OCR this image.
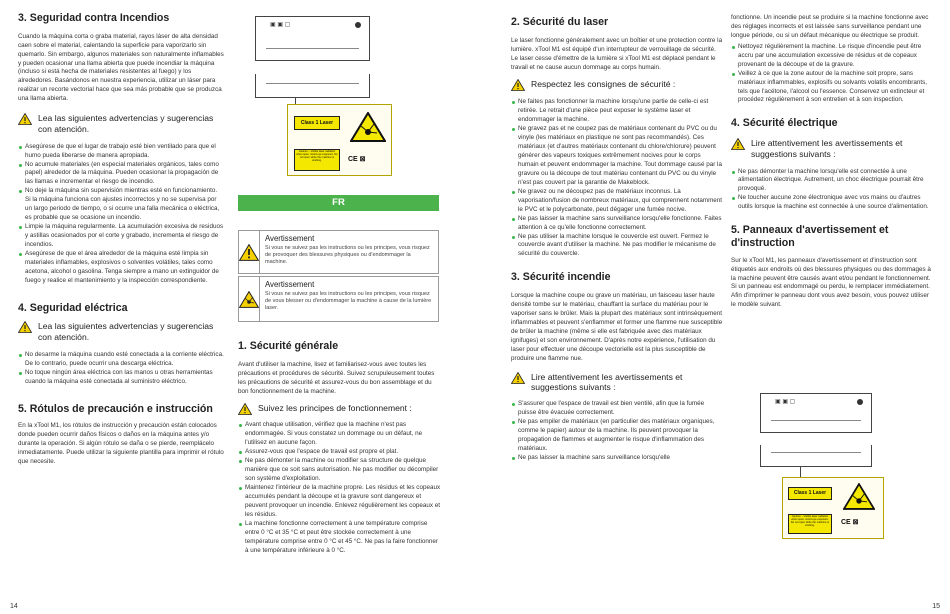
3. Seguridad contra Incendios

Cuando la máquina corta o graba material, rayos láser de alta densidad caen sobre el material, calentando la superficie para vaporizarlo sin quemarlo. Sin embargo, algunos materiales son naturalmente inflamables y pueden ocasionar una llama abierta que puede incendiar la máquina (incluso si está hecha de materiales resistentes al fuego) y los alrededores. Basándonos en nuestra experiencia, utilizar un láser para realizar un recorte vectorial hace que sea más probable que se produzca una llama abierta.

Lea las siguientes advertencias y sugerencias con atención.
Asegúrese de que el lugar de trabajo esté bien ventilado para que el humo pueda liberarse de manera apropiada.
No acumule materiales (en especial materiales orgánicos, tales como papel) alrededor de la máquina. Pueden ocasionar la propagación de las llamas e incrementar el riesgo de incendio.
No deje la máquina sin supervisión mientras esté en funcionamiento. Si la máquina funciona con ajustes incorrectos y no se supervisa por un largo periodo de tiempo, o si ocurre una falla mecánica o eléctrica, es probable que se ocasione un incendio.
Limpie la máquina regularmente. La acumulación excesiva de residuos y astillas ocasionados por el corte y grabado, incrementa el riesgo de incendios.
Asegúrese de que el área alrededor de la máquina esté limpia sin materiales inflamables, explosivos o solventes volátiles, tales como acetona, alcohol o gasolina. Tenga siempre a mano un extinguidor de fuego y realice el mantenimiento y la inspección correspondiente.
4. Seguridad eléctrica
Lea las siguientes advertencias y sugerencias con atención.
No desarme la máquina cuando esté conectada a la corriente eléctrica. De lo contrario, puede ocurrir una descarga eléctrica.
No toque ningún área eléctrica con las manos u otras herramientas cuando la máquina esté conectada al suministro eléctrico.
5. Rótulos de precaución e instrucción

En la xTool M1, los rótulos de instrucción y precaución están colocados donde pueden ocurrir daños físicos o daños en la máquina antes y/o durante la operación. Si algún rótulo se daña o se pierde, reemplácelo inmediatamente. Puede utilizar la siguiente plantilla para imprimir el rótulo que necesite.

▣ ▣ ▢
Class 1 Laser
Caution – Visible laser radiation when open. Avoid eye exposure. Do not open while the machine is working.	CE ⊠
FR
Avertissement
Si vous ne suivez pas les instructions ou les principes, vous risquez de provoquer des blessures physiques ou d'endommager la machine.
Avertissement
Si vous ne suivez pas les instructions ou les principes, vous risquez de vous blesser ou d'endommager la machine à cause de la lumière laser.
1. Sécurité générale

Avant d'utiliser la machine, lisez et familiarisez-vous avec toutes les précautions et procédures de sécurité. Suivez scrupuleusement toutes les précautions de sécurité et assurez-vous du bon assemblage et du bon fonctionnement de la machine.

Suivez les principes de fonctionnement :
Avant chaque utilisation, vérifiez que la machine n'est pas endommagée. Si vous constatez un dommage ou un défaut, ne l'utilisez en aucune façon.
Assurez-vous que l'espace de travail est propre et plat.
Ne pas démonter la machine ou modifier sa structure de quelque manière que ce soit sans autorisation. Ne pas modifier ou décompiler son système d'exploitation.
Maintenez l'intérieur de la machine propre. Les résidus et les copeaux accumulés pendant la découpe et la gravure sont dangereux et peuvent provoquer un incendie. Enlevez régulièrement les copeaux et les résidus.
La machine fonctionne correctement à une température comprise entre 0 °C et 35 °C et peut être stockée correctement à une température comprise entre 0 °C et 45 °C. Ne pas la faire fonctionner à une température inférieure à 0 °C.
2. Sécurité du laser

Le laser fonctionne généralement avec un boîtier et une protection contre la lumière. xTool M1 est équipé d'un interrupteur de verrouillage de sécurité. Le laser cesse d'émettre de la lumière si xTool M1 est déplacé pendant le travail et ne cause aucun dommage au corps humain.

Respectez les consignes de sécurité :
Ne faites pas fonctionner la machine lorsqu'une partie de celle-ci est retirée. Le retrait d'une pièce peut exposer le système laser et endommager la machine.
Ne gravez pas et ne coupez pas de matériaux contenant du PVC ou du vinyle (les matériaux en plastique ne sont pas recommandés). Ces matériaux (et d'autres matériaux contenant du chlore/chlorure) peuvent générer des vapeurs toxiques extrêmement nocives pour le corps humain et peuvent endommager la machine. Tout dommage causé par la gravure ou la découpe de tout matériau contenant du PVC ou du vinyle n'est pas couvert par la garantie de Makeblock.
Ne gravez ou ne découpez pas de matériaux inconnus. La vaporisation/fusion de nombreux matériaux, qui comprennent notamment le PVC et le polycarbonate, peut dégager une fumée nocive.
Ne pas laisser la machine sans surveillance lorsqu'elle fonctionne. Faites attention à ce qu'elle fonctionne correctement.
Ne pas utiliser la machine lorsque le couvercle est ouvert. Fermez le couvercle avant d'utiliser la machine. Ne pas modifier le mécanisme de sécurité du couvercle.
3. Sécurité incendie

Lorsque la machine coupe ou grave un matériau, un faisceau laser haute densité tombe sur le matériau, chauffant la surface du matériau pour le vaporiser sans le brûler. Mais la plupart des matériaux sont intrinsèquement inflammables et peuvent s'enflammer et former une flamme nue susceptible de brûler la machine (même si elle est fabriquée avec des matériaux ignifuges) et son environnement. D'après notre expérience, l'utilisation du laser pour effectuer une découpe vectorielle est la plus susceptible de produire une flamme nue.

Lire attentivement les avertissements et suggestions suivants :
S'assurer que l'espace de travail est bien ventilé, afin que la fumée puisse être évacuée correctement.
Ne pas empiler de matériaux (en particulier des matériaux organiques, comme le papier) autour de la machine. Ils peuvent provoquer la propagation de flammes et augmenter le risque d'inflammation des matériaux.
Ne pas laisser la machine sans surveillance lorsqu'elle

fonctionne. Un incendie peut se produire si la machine fonctionne avec des réglages incorrects et est laissée sans surveillance pendant une longue période, ou si un défaut mécanique ou électrique se produit.

Nettoyez régulièrement la machine. Le risque d'incendie peut être accru par une accumulation excessive de résidus et de copeaux provenant de la découpe et de la gravure.
Veillez à ce que la zone autour de la machine soit propre, sans matériaux inflammables, explosifs ou solvants volatils encombrants, tels que l'acétone, l'alcool ou l'essence. Conservez un extincteur et procédez régulièrement à son entretien et à son inspection.
4. Sécurité électrique
Lire attentivement les avertissements et suggestions suivants :
Ne pas démonter la machine lorsqu'elle est connectée à une alimentation électrique. Autrement, un choc électrique pourrait être provoqué.
Ne toucher aucune zone électronique avec vos mains ou d'autres outils lorsque la machine est connectée à une source d'alimentation.
5. Panneaux d'avertissement et d'instruction

Sur le xTool M1, les panneaux d'avertissement et d'instruction sont étiquetés aux endroits où des blessures physiques ou des dommages à la machine peuvent être causés avant et/ou pendant le fonctionnement. Si un panneau est endommagé ou perdu, le remplacer immédiatement. Afin d'imprimer le panneau dont vous avez besoin, vous pouvez utiliser le modèle suivant.

▣ ▣ ▢
Class 1 Laser
Caution – Visible laser radiation when open. Avoid eye exposure. Do not open while the machine is working.	CE ⊠
14	15
